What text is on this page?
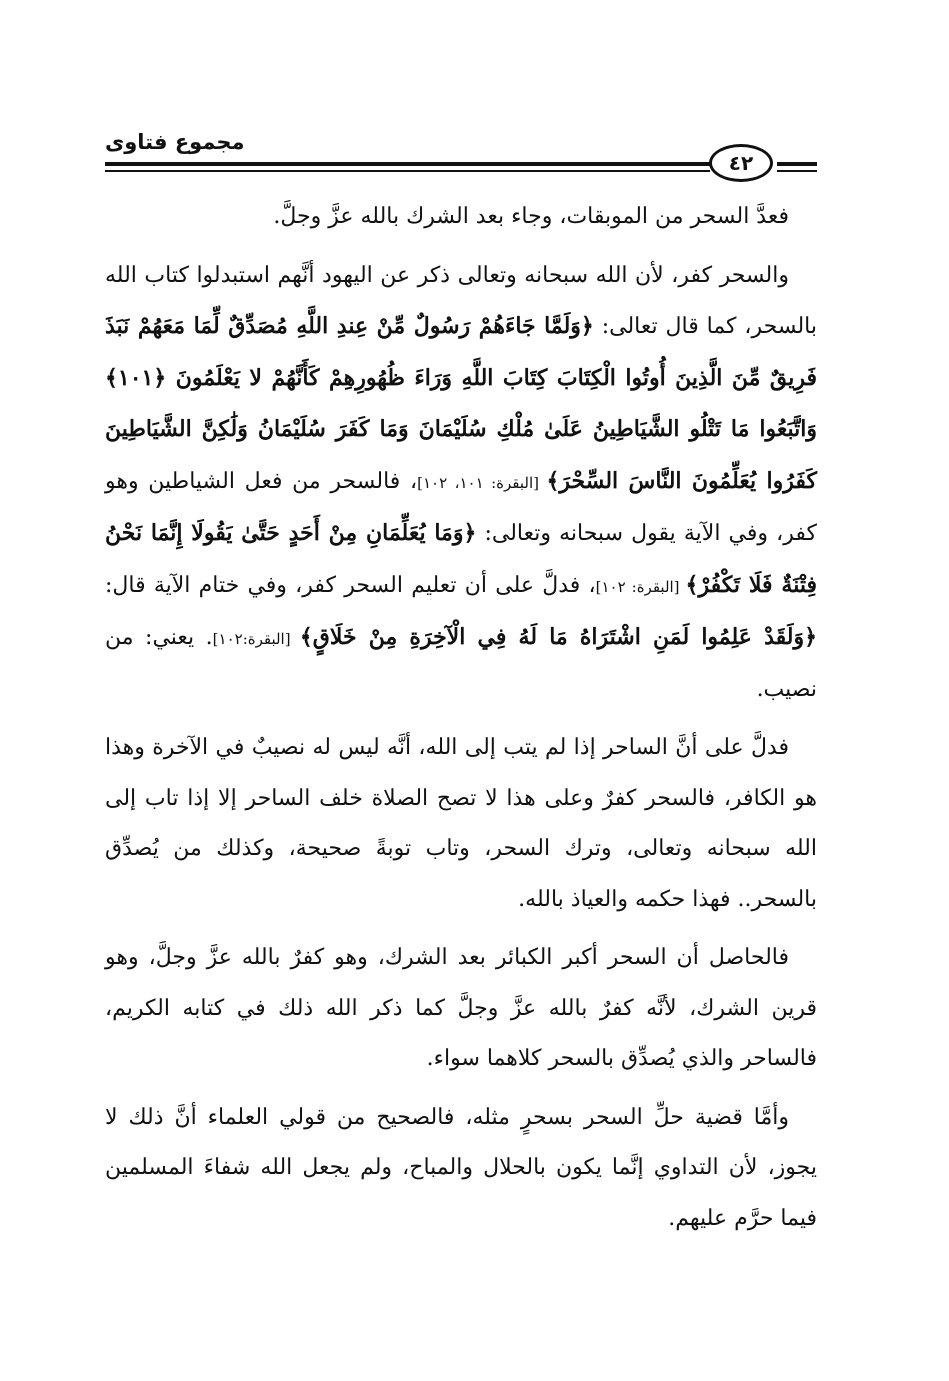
مجموع فتاوى
٤٢

فعدَّ السحر من الموبقات، وجاء بعد الشرك بالله عزَّ وجلَّ.

والسحر كفر، لأن الله سبحانه وتعالى ذكر عن اليهود أنَّهم استبدلوا كتاب الله بالسحر، كما قال تعالى: ﴿وَلَمَّا جَاءَهُمْ رَسُولٌ مِّنْ عِندِ اللَّهِ مُصَدِّقٌ لِّمَا مَعَهُمْ نَبَذَ فَرِيقٌ مِّنَ الَّذِينَ أُوتُوا الْكِتَابَ كِتَابَ اللَّهِ وَرَاءَ ظُهُورِهِمْ كَأَنَّهُمْ لا يَعْلَمُونَ ﴿١٠١﴾ وَاتَّبَعُوا مَا تَتْلُو الشَّيَاطِينُ عَلَىٰ مُلْكِ سُلَيْمَانَ وَمَا كَفَرَ سُلَيْمَانُ وَلَٰكِنَّ الشَّيَاطِينَ كَفَرُوا يُعَلِّمُونَ النَّاسَ السِّحْرَ﴾ [البقرة: ١٠١، ١٠٢]، فالسحر من فعل الشياطين وهو كفر، وفي الآية يقول سبحانه وتعالى: ﴿وَمَا يُعَلِّمَانِ مِنْ أَحَدٍ حَتَّىٰ يَقُولَا إِنَّمَا نَحْنُ فِتْنَةٌ فَلَا تَكْفُرْ﴾ [البقرة: ١٠٢]، فدلَّ على أن تعليم السحر كفر، وفي ختام الآية قال: ﴿وَلَقَدْ عَلِمُوا لَمَنِ اشْتَرَاهُ مَا لَهُ فِي الْآخِرَةِ مِنْ خَلَاقٍ﴾ [البقرة:١٠٢]. يعني: من نصيب.

فدلَّ على أنَّ الساحر إذا لم يتب إلى الله، أنَّه ليس له نصيبٌ في الآخرة وهذا هو الكافر، فالسحر كفرٌ وعلى هذا لا تصح الصلاة خلف الساحر إلا إذا تاب إلى الله سبحانه وتعالى، وترك السحر، وتاب توبةً صحيحة، وكذلك من يُصدِّق بالسحر.. فهذا حكمه والعياذ بالله.

فالحاصل أن السحر أكبر الكبائر بعد الشرك، وهو كفرٌ بالله عزَّ وجلَّ، وهو قرين الشرك، لأنَّه كفرٌ بالله عزَّ وجلَّ كما ذكر الله ذلك في كتابه الكريم، فالساحر والذي يُصدِّق بالسحر كلاهما سواء.

وأمَّا قضية حلِّ السحر بسحرٍ مثله، فالصحيح من قولي العلماء أنَّ ذلك لا يجوز، لأن التداوي إنَّما يكون بالحلال والمباح، ولم يجعل الله شفاءَ المسلمين فيما حرَّم عليهم.
